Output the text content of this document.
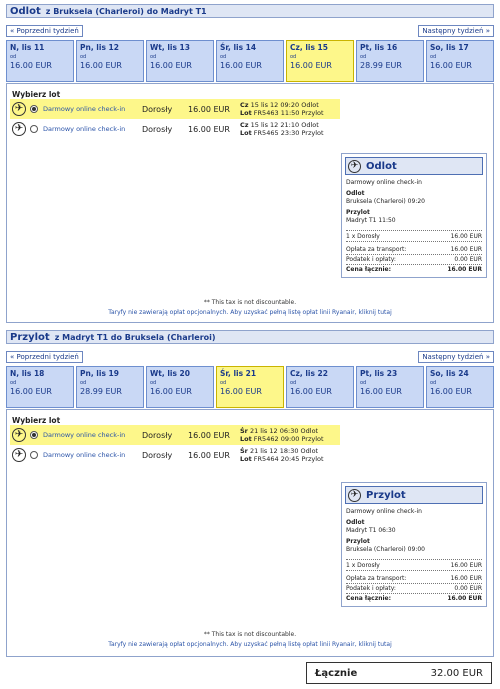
Odlot z Bruksela (Charleroi) do Madryt T1
« Poprzedni tydzień	Następny tydzień »
N, lis 11
od
16.00 EUR
Pn, lis 12
od
16.00 EUR
Wt, lis 13
od
16.00 EUR
Śr, lis 14
od
16.00 EUR
Cz, lis 15
od
16.00 EUR
Pt, lis 16
od
28.99 EUR
So, lis 17
od
16.00 EUR
Wybierz lot
✈	Darmowy online check-in	Dorosły	16.00 EUR	Cz 15 lis 12 09:20 Odlot
Lot FR5463 11:50 Przylot
✈	Darmowy online check-in	Dorosły	16.00 EUR	Cz 15 lis 12 21:10 Odlot
Lot FR5465 23:30 Przylot
✈ Odlot
Darmowy online check-in
Odlot
Bruksela (Charleroi) 09:20
Przylot
Madryt T1 11:50
1 x Dorosły	16.00 EUR
Opłata za transport:	16.00 EUR
Podatek i opłaty:	0.00 EUR
Cena łącznie:	16.00 EUR
** This tax is not discountable.
Taryfy nie zawierają opłat opcjonalnych. Aby uzyskać pełną listę opłat linii Ryanair, kliknij tutaj
Przylot z Madryt T1 do Bruksela (Charleroi)
« Poprzedni tydzień	Następny tydzień »
N, lis 18
od
16.00 EUR
Pn, lis 19
od
28.99 EUR
Wt, lis 20
od
16.00 EUR
Śr, lis 21
od
16.00 EUR
Cz, lis 22
od
16.00 EUR
Pt, lis 23
od
16.00 EUR
So, lis 24
od
16.00 EUR
Wybierz lot
✈	Darmowy online check-in	Dorosły	16.00 EUR	Śr 21 lis 12 06:30 Odlot
Lot FR5462 09:00 Przylot
✈	Darmowy online check-in	Dorosły	16.00 EUR	Śr 21 lis 12 18:30 Odlot
Lot FR5464 20:45 Przylot
✈ Przylot
Darmowy online check-in
Odlot
Madryt T1 06:30
Przylot
Bruksela (Charleroi) 09:00
1 x Dorosły	16.00 EUR
Opłata za transport:	16.00 EUR
Podatek i opłaty:	0.00 EUR
Cena łącznie:	16.00 EUR
** This tax is not discountable.
Taryfy nie zawierają opłat opcjonalnych. Aby uzyskać pełną listę opłat linii Ryanair, kliknij tutaj
Łącznie	32.00 EUR
